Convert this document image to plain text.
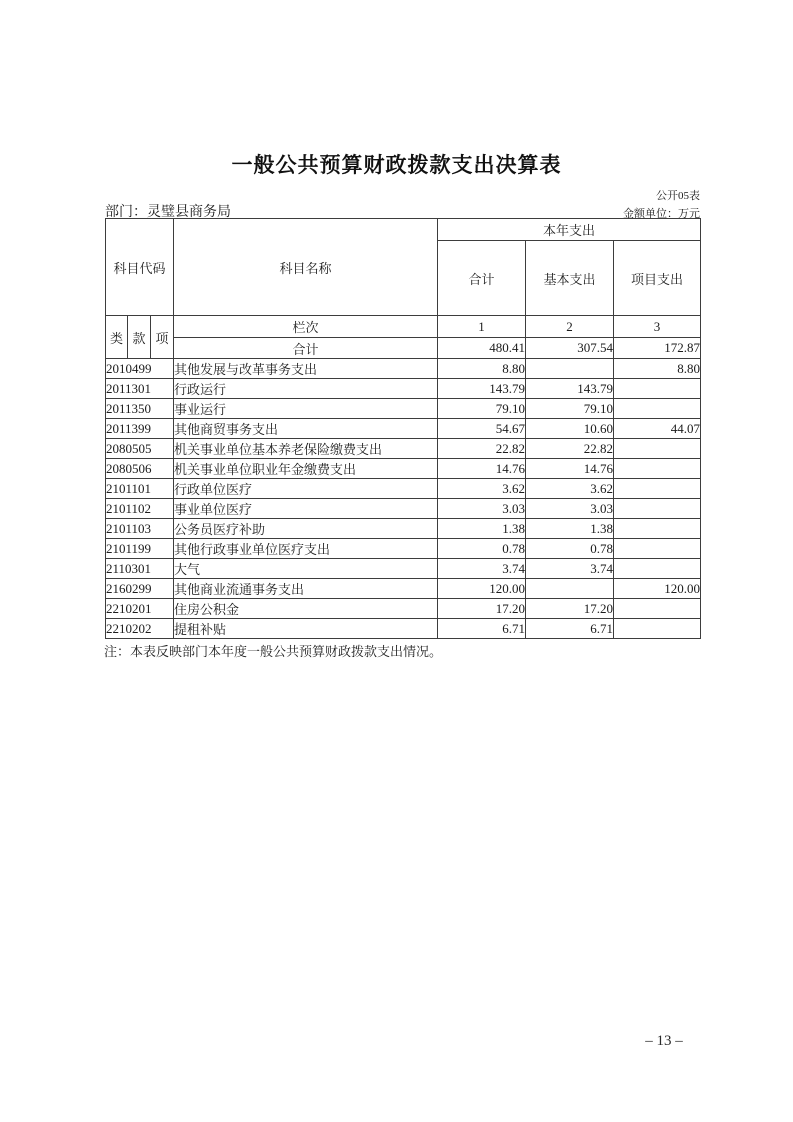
一般公共预算财政拨款支出决算表
公开05表
部门：灵璧县商务局	金额单位：万元
科目代码			科目名称	本年支出		
				合计	基本支出	项目支出
类	款	项	栏次	1	2	3
			合计	480.41	307.54	172.87
2010499			其他发展与改革事务支出	8.80		8.80
2011301			行政运行	143.79	143.79	
2011350			事业运行	79.10	79.10	
2011399			其他商贸事务支出	54.67	10.60	44.07
2080505			机关事业单位基本养老保险缴费支出	22.82	22.82	
2080506			机关事业单位职业年金缴费支出	14.76	14.76	
2101101			行政单位医疗	3.62	3.62	
2101102			事业单位医疗	3.03	3.03	
2101103			公务员医疗补助	1.38	1.38	
2101199			其他行政事业单位医疗支出	0.78	0.78	
2110301			大气	3.74	3.74	
2160299			其他商业流通事务支出	120.00		120.00
2210201			住房公积金	17.20	17.20	
2210202			提租补贴	6.71	6.71	
注：本表反映部门本年度一般公共预算财政拨款支出情况。
– 13 –
